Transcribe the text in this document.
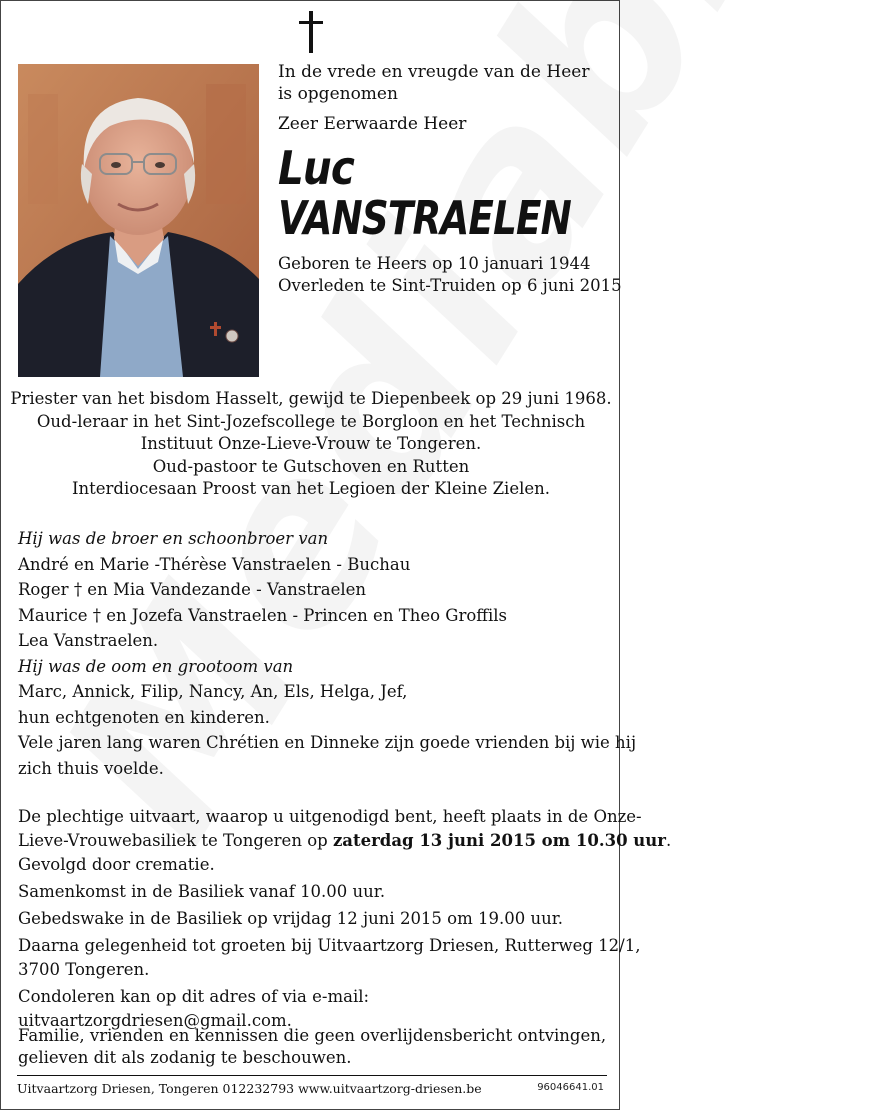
In de vrede en vreugde van de Heer is opgenomen
Zeer Eerwaarde Heer
Luc
VANSTRAELEN
Geboren te Heers op 10 januari 1944
Overleden te Sint-Truiden op 6 juni 2015
Priester van het bisdom Hasselt, gewijd te Diepenbeek op 29 juni 1968.
Oud-leraar in het Sint-Jozefscollege te Borgloon en het Technisch
Instituut Onze-Lieve-Vrouw te Tongeren.
Oud-pastoor te Gutschoven en Rutten
Interdiocesaan Proost van het Legioen der Kleine Zielen.
Hij was de broer en schoonbroer van
André en Marie -Thérèse Vanstraelen - Buchau
Roger † en Mia Vandezande - Vanstraelen
Maurice † en Jozefa Vanstraelen - Princen en Theo Groffils
Lea Vanstraelen.
Hij was de oom en grootoom van
Marc, Annick, Filip, Nancy, An, Els, Helga, Jef,
hun echtgenoten en kinderen.
Vele jaren lang waren Chrétien en Dinneke zijn goede vrienden bij wie hij
zich thuis voelde.
De plechtige uitvaart, waarop u uitgenodigd bent, heeft plaats in de Onze-
Lieve-Vrouwebasiliek te Tongeren op zaterdag 13 juni 2015 om 10.30 uur.
Gevolgd door crematie.
Samenkomst in de Basiliek vanaf 10.00 uur.
Gebedswake in de Basiliek op vrijdag 12 juni 2015 om 19.00 uur.
Daarna gelegenheid tot groeten bij Uitvaartzorg Driesen, Rutterweg 12/1,
3700 Tongeren.
Condoleren kan op dit adres of via e-mail: uitvaartzorgdriesen@gmail.com.
Familie, vrienden en kennissen die geen overlijdensbericht ontvingen,
gelieven dit als zodanig te beschouwen.
Uitvaartzorg Driesen, Tongeren 012232793 www.uitvaartzorg-driesen.be	96046641.01
